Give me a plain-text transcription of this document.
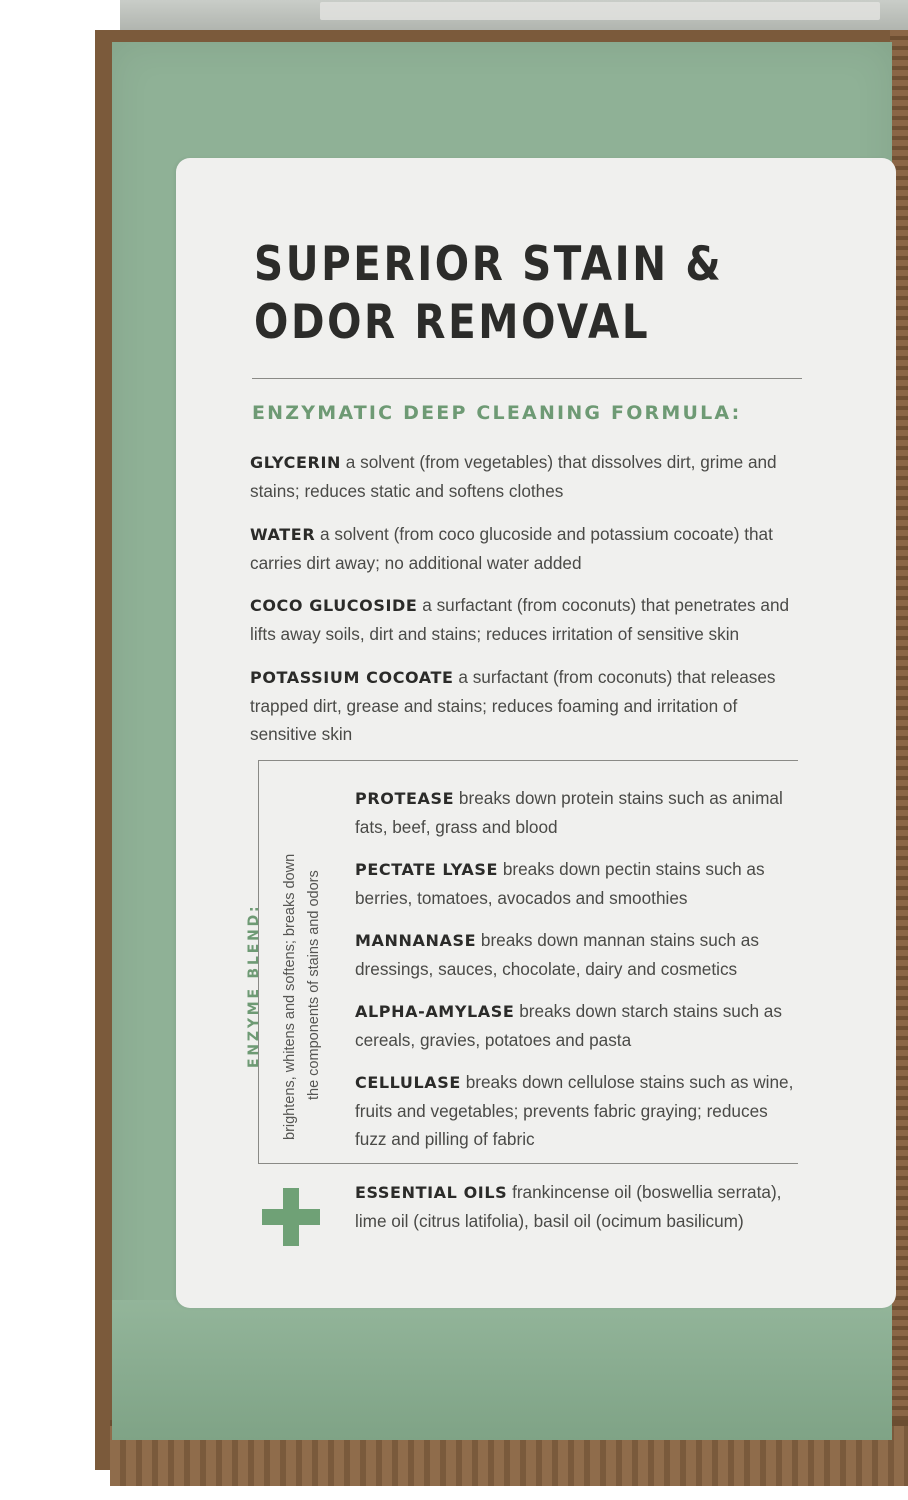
SUPERIOR STAIN &
ODOR REMOVAL
ENZYMATIC DEEP CLEANING FORMULA:

GLYCERIN a solvent (from vegetables) that dissolves dirt, grime and stains; reduces static and softens clothes

WATER a solvent (from coco glucoside and potassium cocoate) that carries dirt away; no additional water added

COCO GLUCOSIDE a surfactant (from coconuts) that penetrates and lifts away soils, dirt and stains; reduces irritation of sensitive skin

POTASSIUM COCOATE a surfactant (from coconuts) that releases trapped dirt, grease and stains; reduces foaming and irritation of sensitive skin

ENZYME BLEND: brightens, whitens and softens; breaks down the components of stains and odors

PROTEASE breaks down protein stains such as animal fats, beef, grass and blood

PECTATE LYASE breaks down pectin stains such as berries, tomatoes, avocados and smoothies

MANNANASE breaks down mannan stains such as dressings, sauces, chocolate, dairy and cosmetics

ALPHA-AMYLASE breaks down starch stains such as cereals, gravies, potatoes and pasta

CELLULASE breaks down cellulose stains such as wine, fruits and vegetables; prevents fabric graying; reduces fuzz and pilling of fabric

ESSENTIAL OILS frankincense oil (boswellia serrata), lime oil (citrus latifolia), basil oil (ocimum basilicum)
